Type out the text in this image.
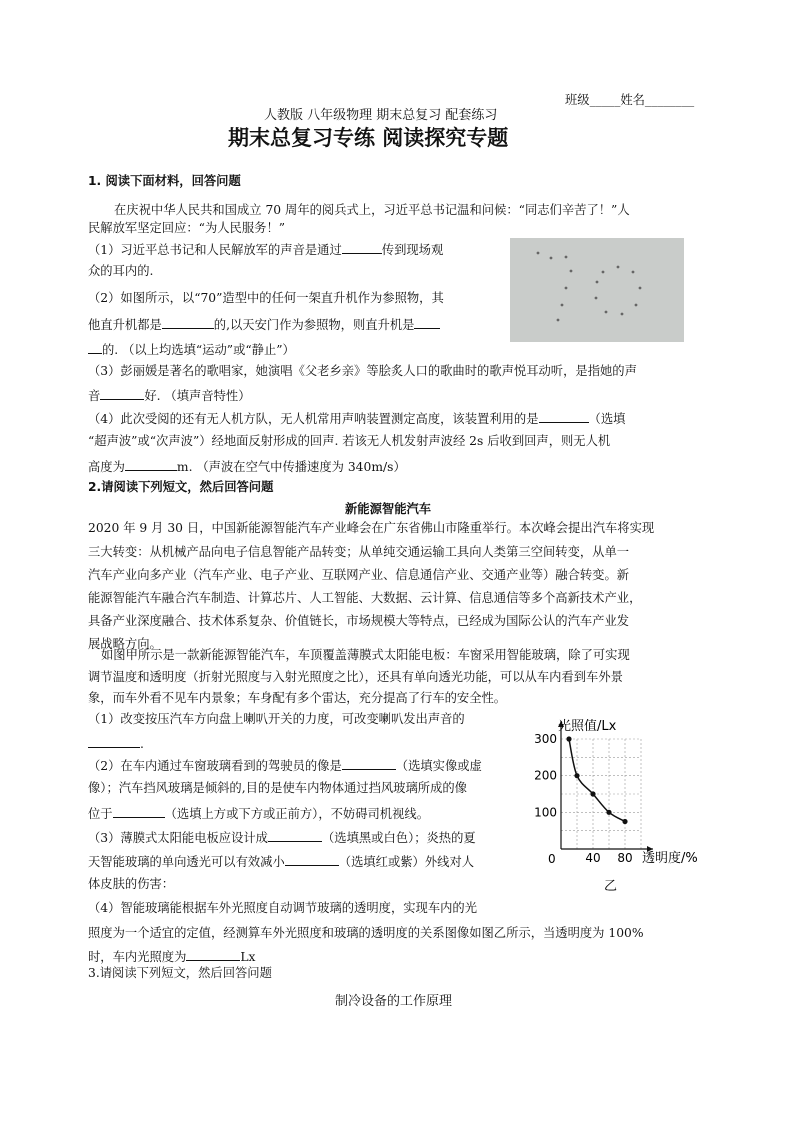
班级_____姓名________
人教版 八年级物理 期末总复习 配套练习
期末总复习专练 阅读探究专题
1. 阅读下面材料，回答问题
在庆祝中华人民共和国成立 70 周年的阅兵式上，习近平总书记温和问候：“同志们辛苦了！”人
民解放军坚定回应：“为人民服务！”
（1）习近平总书记和人民解放军的声音是通过	传到现场观
众的耳内的.
（2）如图所示，以“70”造型中的任何一架直升机作为参照物，其
他直升机都是	的,以天安门作为参照物，则直升机是
的. （以上均选填“运动”或“静止”）
（3）彭丽媛是著名的歌唱家，她演唱《父老乡亲》等脍炙人口的歌曲时的歌声悦耳动听，是指她的声
音	好. （填声音特性）
（4）此次受阅的还有无人机方队，无人机常用声呐装置测定高度，该装置利用的是	（选填
“超声波”或“次声波”）经地面反射形成的回声. 若该无人机发射声波经 2s 后收到回声，则无人机
高度为	m. （声波在空气中传播速度为 340m/s）
2.请阅读下列短文，然后回答问题
新能源智能汽车
2020 年 9 月 30 日，中国新能源智能汽车产业峰会在广东省佛山市隆重举行。本次峰会提出汽车将实现
三大转变：从机械产品向电子信息智能产品转变；从单纯交通运输工具向人类第三空间转变，从单一
汽车产业向多产业（汽车产业、电子产业、互联网产业、信息通信产业、交通产业等）融合转变。新
能源智能汽车融合汽车制造、计算芯片、人工智能、大数据、云计算、信息通信等多个高新技术产业，
具备产业深度融合、技术体系复杂、价值链长，市场规模大等特点，已经成为国际公认的汽车产业发
展战略方向。
如图甲所示是一款新能源智能汽车，车顶覆盖薄膜式太阳能电板：车窗采用智能玻璃，除了可实现
调节温度和透明度（折射光照度与入射光照度之比），还具有单向透光功能，可以从车内看到车外景
象，而车外看不见车内景象；车身配有多个雷达，充分提高了行车的安全性。
（1）改变按压汽车方向盘上喇叭开关的力度，可改变喇叭发出声音的
.
（2）在车内通过车窗玻璃看到的驾驶员的像是	（选填实像或虚
像）；汽车挡风玻璃是倾斜的,目的是使车内物体通过挡风玻璃所成的像
位于	（选填上方或下方或正前方），不妨碍司机视线。
（3）薄膜式太阳能电板应设计成	（选填黑或白色）；炎热的夏
天智能玻璃的单向透光可以有效减小	（选填红或紫）外线对人
体皮肤的伤害：
（4）智能玻璃能根据车外光照度自动调节玻璃的透明度，实现车内的光
照度为一个适宜的定值，经测算车外光照度和玻璃的透明度的关系图像如图乙所示，当透明度为 100%
时，车内光照度为	Lx
40 80
100
200
300
光照值/Lx
透明度/%
0
乙
3.请阅读下列短文，然后回答问题
制冷设备的工作原理
